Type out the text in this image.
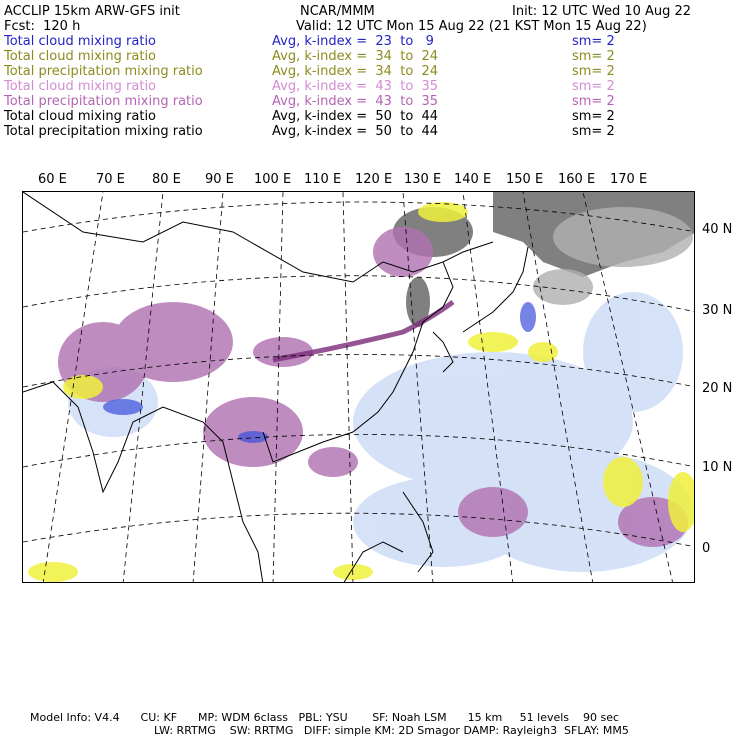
ACCLIP 15km ARW-GFS init	NCAR/MMM	Init: 12 UTC Wed 10 Aug 22
Fcst:  120 h	Valid: 12 UTC Mon 15 Aug 22 (21 KST Mon 15 Aug 22)
Total cloud mixing ratio	Avg, k-index =  23  to   9	sm= 2
Total cloud mixing ratio	Avg, k-index =  34  to  24	sm= 2
Total precipitation mixing ratio	Avg, k-index =  34  to  24	sm= 2
Total cloud mixing ratio	Avg, k-index =  43  to  35	sm= 2
Total precipitation mixing ratio	Avg, k-index =  43  to  35	sm= 2
Total cloud mixing ratio	Avg, k-index =  50  to  44	sm= 2
Total precipitation mixing ratio	Avg, k-index =  50  to  44	sm= 2
60 E 70 E 80 E 90 E 100 E 110 E 120 E 130 E 140 E 150 E 160 E 170 E
40 N
30 N
20 N
10 N
0
Model Info: V4.4      CU: KF      MP: WDM 6class   PBL: YSU       SF: Noah LSM      15 km     51 levels    90 sec
LW: RRTMG    SW: RRTMG   DIFF: simple KM: 2D Smagor DAMP: Rayleigh3  SFLAY: MM5
